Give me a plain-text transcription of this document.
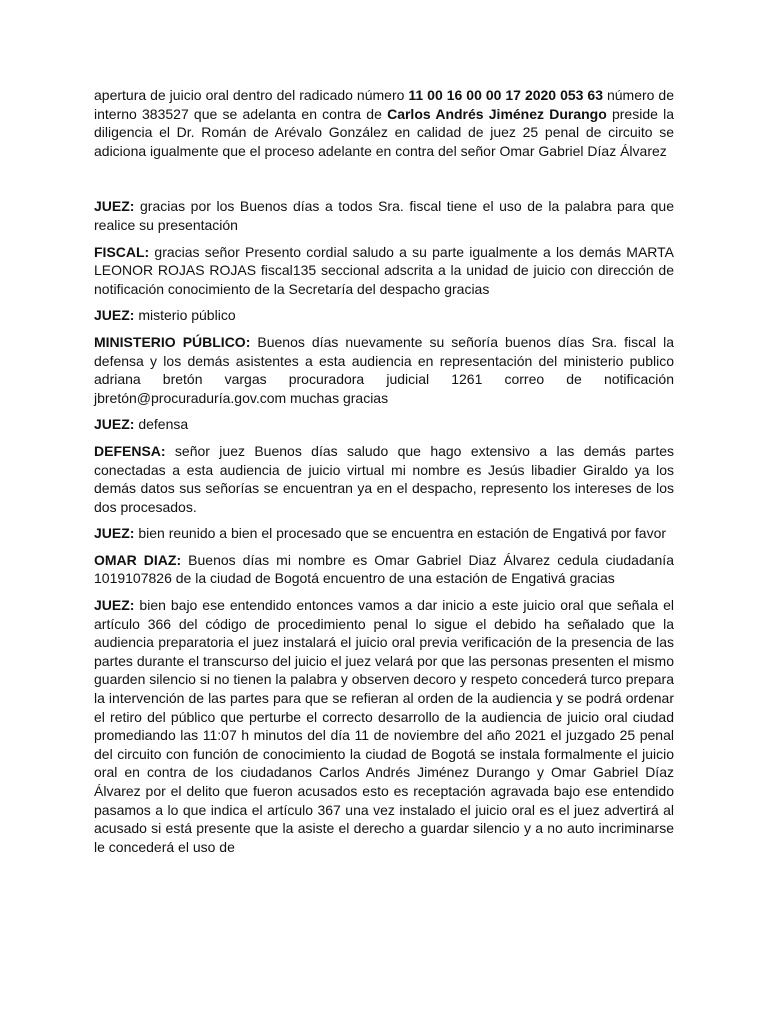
apertura de juicio oral dentro del radicado número 11 00 16 00 00 17 2020 053 63 número de interno 383527 que se adelanta en contra de Carlos Andrés Jiménez Durango preside la diligencia el Dr. Román de Arévalo González en calidad de juez 25 penal de circuito se adiciona igualmente que el proceso adelante en contra del señor Omar Gabriel Díaz Álvarez

JUEZ: gracias por los Buenos días a todos Sra. fiscal tiene el uso de la palabra para que realice su presentación

FISCAL: gracias señor Presento cordial saludo a su parte igualmente a los demás MARTA LEONOR ROJAS ROJAS fiscal135 seccional adscrita a la unidad de juicio con dirección de notificación conocimiento de la Secretaría del despacho gracias

JUEZ: misterio público

MINISTERIO PÚBLICO: Buenos días nuevamente su señoría buenos días Sra. fiscal la defensa y los demás asistentes a esta audiencia en representación del ministerio publico adriana bretón vargas procuradora judicial 1261 correo de notificación jbretón@procuraduría.gov.com muchas gracias

JUEZ: defensa

DEFENSA: señor juez Buenos días saludo que hago extensivo a las demás partes conectadas a esta audiencia de juicio virtual mi nombre es Jesús libadier Giraldo ya los demás datos sus señorías se encuentran ya en el despacho, represento los intereses de los dos procesados.

JUEZ: bien reunido a bien el procesado que se encuentra en estación de Engativá por favor

OMAR DIAZ: Buenos días mi nombre es Omar Gabriel Diaz Álvarez cedula ciudadanía 1019107826 de la ciudad de Bogotá encuentro de una estación de Engativá gracias

JUEZ: bien bajo ese entendido entonces vamos a dar inicio a este juicio oral que señala el artículo 366 del código de procedimiento penal lo sigue el debido ha señalado que la audiencia preparatoria el juez instalará el juicio oral previa verificación de la presencia de las partes durante el transcurso del juicio el juez velará por que las personas presenten el mismo guarden silencio si no tienen la palabra y observen decoro y respeto concederá turco prepara la intervención de las partes para que se refieran al orden de la audiencia y se podrá ordenar el retiro del público que perturbe el correcto desarrollo de la audiencia de juicio oral ciudad promediando las 11:07 h minutos del día 11 de noviembre del año 2021 el juzgado 25 penal del circuito con función de conocimiento la ciudad de Bogotá se instala formalmente el juicio oral en contra de los ciudadanos Carlos Andrés Jiménez Durango y Omar Gabriel Díaz Álvarez por el delito que fueron acusados esto es receptación agravada bajo ese entendido pasamos a lo que indica el artículo 367 una vez instalado el juicio oral es el juez advertirá al acusado si está presente que la asiste el derecho a guardar silencio y a no auto incriminarse le concederá el uso de
